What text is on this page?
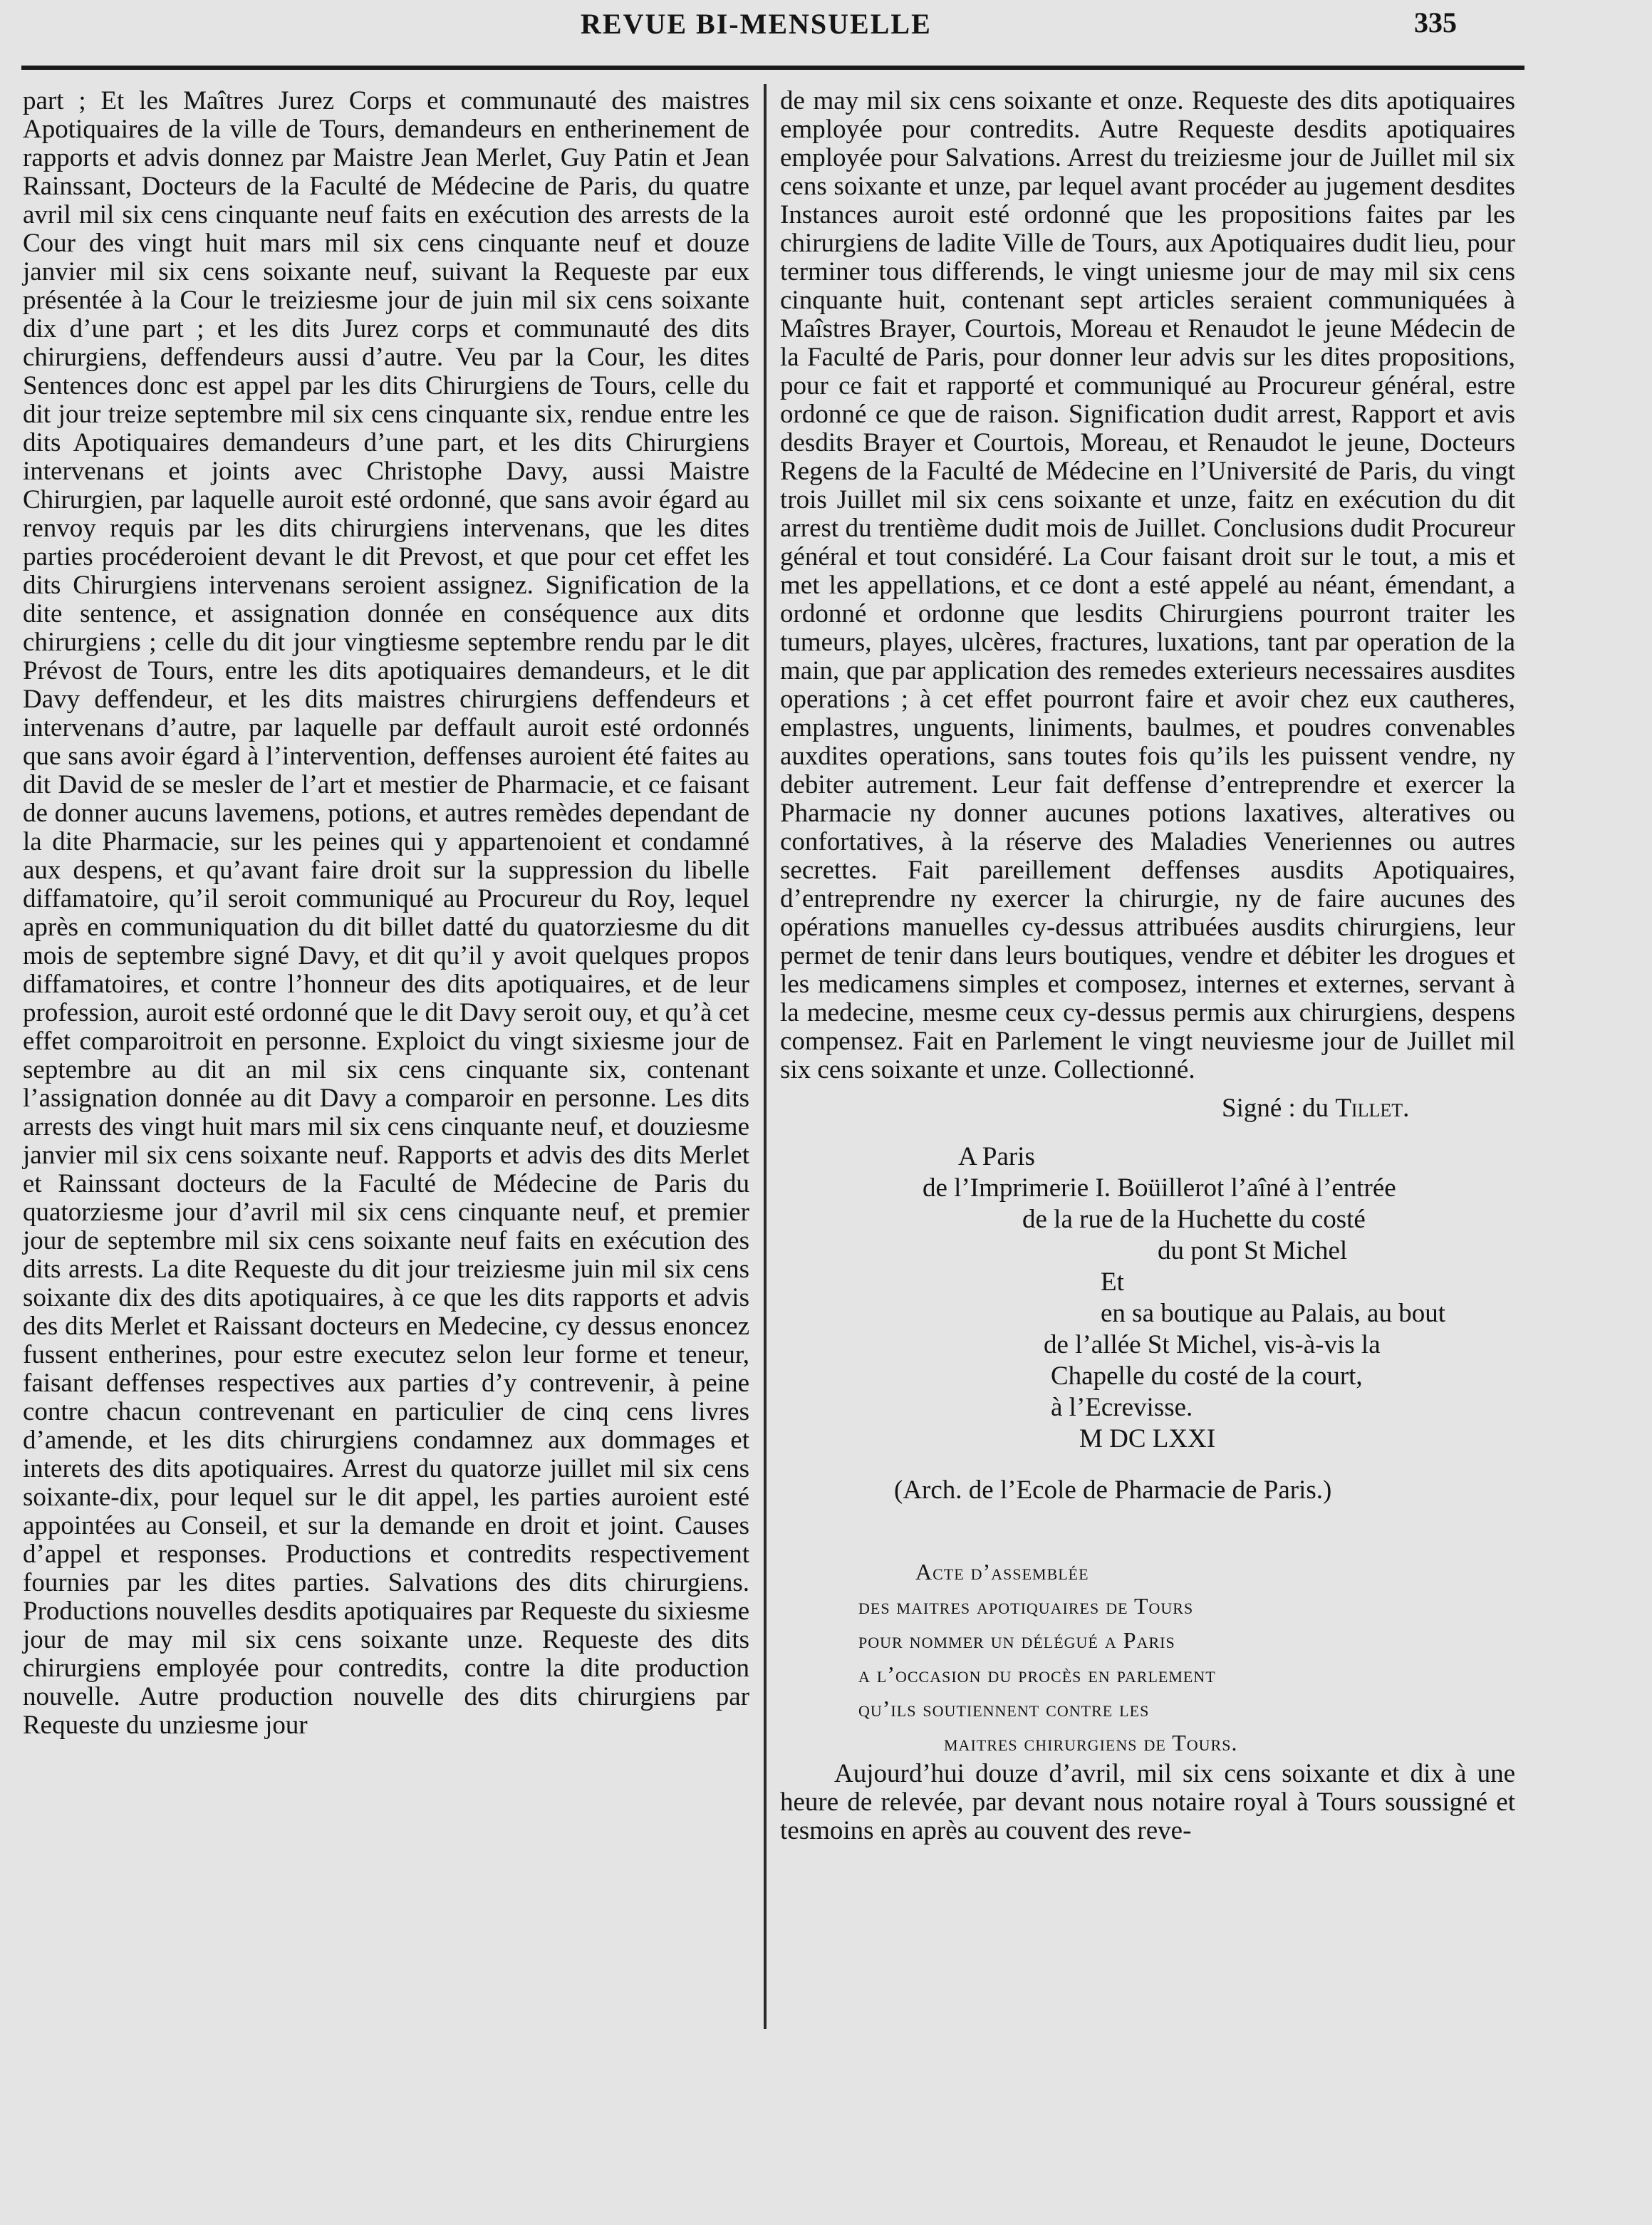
REVUE BI-MENSUELLE	335

part ; Et les Maîtres Jurez Corps et communauté des maistres Apotiquaires de la ville de Tours, demandeurs en entherinement de rapports et advis donnez par Maistre Jean Merlet, Guy Patin et Jean Rainssant, Docteurs de la Faculté de Médecine de Paris, du quatre avril mil six cens cinquante neuf faits en exécution des arrests de la Cour des vingt huit mars mil six cens cinquante neuf et douze janvier mil six cens soixante neuf, suivant la Requeste par eux présentée à la Cour le treiziesme jour de juin mil six cens soixante dix d’une part ; et les dits Jurez corps et communauté des dits chirurgiens, deffendeurs aussi d’autre. Veu par la Cour, les dites Sentences donc est appel par les dits Chirurgiens de Tours, celle du dit jour treize septembre mil six cens cinquante six, rendue entre les dits Apotiquaires demandeurs d’une part, et les dits Chirurgiens intervenans et joints avec Christophe Davy, aussi Maistre Chirurgien, par laquelle auroit esté ordonné, que sans avoir égard au renvoy requis par les dits chirurgiens intervenans, que les dites parties procéderoient devant le dit Prevost, et que pour cet effet les dits Chirurgiens intervenans seroient assignez. Signification de la dite sentence, et assignation donnée en conséquence aux dits chirurgiens ; celle du dit jour vingtiesme septembre rendu par le dit Prévost de Tours, entre les dits apotiquaires demandeurs, et le dit Davy deffendeur, et les dits maistres chirurgiens deffendeurs et intervenans d’autre, par laquelle par deffault auroit esté ordonnés que sans avoir égard à l’intervention, deffenses auroient été faites au dit David de se mesler de l’art et mestier de Pharmacie, et ce faisant de donner aucuns lavemens, potions, et autres remèdes dependant de la dite Pharmacie, sur les peines qui y appartenoient et condamné aux despens, et qu’avant faire droit sur la suppression du libelle diffamatoire, qu’il seroit communiqué au Procureur du Roy, lequel après en communiquation du dit billet datté du quatorziesme du dit mois de septembre signé Davy, et dit qu’il y avoit quelques propos diffamatoires, et contre l’honneur des dits apotiquaires, et de leur profession, auroit esté ordonné que le dit Davy seroit ouy, et qu’à cet effet comparoitroit en personne. Exploict du vingt sixiesme jour de septembre au dit an mil six cens cinquante six, contenant l’assignation donnée au dit Davy a comparoir en personne. Les dits arrests des vingt huit mars mil six cens cinquante neuf, et douziesme janvier mil six cens soixante neuf. Rapports et advis des dits Merlet et Rainssant docteurs de la Faculté de Médecine de Paris du quatorziesme jour d’avril mil six cens cinquante neuf, et premier jour de septembre mil six cens soixante neuf faits en exécution des dits arrests. La dite Requeste du dit jour treiziesme juin mil six cens soixante dix des dits apotiquaires, à ce que les dits rapports et advis des dits Merlet et Raissant docteurs en Medecine, cy dessus enoncez fussent entherines, pour estre executez selon leur forme et teneur, faisant deffenses respectives aux parties d’y contrevenir, à peine contre chacun contrevenant en particulier de cinq cens livres d’amende, et les dits chirurgiens condamnez aux dommages et interets des dits apotiquaires. Arrest du quatorze juillet mil six cens soixante-dix, pour lequel sur le dit appel, les parties auroient esté appointées au Conseil, et sur la demande en droit et joint. Causes d’appel et responses. Productions et contredits respectivement fournies par les dites parties. Salvations des dits chirurgiens. Productions nouvelles desdits apotiquaires par Requeste du sixiesme jour de may mil six cens soixante unze. Requeste des dits chirurgiens employée pour contredits, contre la dite production nouvelle. Autre production nouvelle des dits chirurgiens par Requeste du unziesme jour

de may mil six cens soixante et onze. Requeste des dits apotiquaires employée pour contredits. Autre Requeste desdits apotiquaires employée pour Salvations. Arrest du treiziesme jour de Juillet mil six cens soixante et unze, par lequel avant procéder au jugement desdites Instances auroit esté ordonné que les propositions faites par les chirurgiens de ladite Ville de Tours, aux Apotiquaires dudit lieu, pour terminer tous differends, le vingt uniesme jour de may mil six cens cinquante huit, contenant sept articles seraient communiquées à Maîstres Brayer, Courtois, Moreau et Renaudot le jeune Médecin de la Faculté de Paris, pour donner leur advis sur les dites propositions, pour ce fait et rapporté et communiqué au Procureur général, estre ordonné ce que de raison. Signification dudit arrest, Rapport et avis desdits Brayer et Courtois, Moreau, et Renaudot le jeune, Docteurs Regens de la Faculté de Médecine en l’Université de Paris, du vingt trois Juillet mil six cens soixante et unze, faitz en exécution du dit arrest du trentième dudit mois de Juillet. Conclusions dudit Procureur général et tout considéré. La Cour faisant droit sur le tout, a mis et met les appellations, et ce dont a esté appelé au néant, émendant, a ordonné et ordonne que lesdits Chirurgiens pourront traiter les tumeurs, playes, ulcères, fractures, luxations, tant par operation de la main, que par application des remedes exterieurs necessaires ausdites operations ; à cet effet pourront faire et avoir chez eux cautheres, emplastres, unguents, liniments, baulmes, et poudres convenables auxdites operations, sans toutes fois qu’ils les puissent vendre, ny debiter autrement. Leur fait deffense d’entreprendre et exercer la Pharmacie ny donner aucunes potions laxatives, alteratives ou confortatives, à la réserve des Maladies Veneriennes ou autres secrettes. Fait pareillement deffenses ausdits Apotiquaires, d’entreprendre ny exercer la chirurgie, ny de faire aucunes des opérations manuelles cy-dessus attribuées ausdits chirurgiens, leur permet de tenir dans leurs boutiques, vendre et débiter les drogues et les medicamens simples et composez, internes et externes, servant à la medecine, mesme ceux cy-dessus permis aux chirurgiens, despens compensez. Fait en Parlement le vingt neuviesme jour de Juillet mil six cens soixante et unze. Collectionné.

Signé : du Tillet.
A Paris
de l’Imprimerie I. Boüillerot l’aîné à l’entrée
de la rue de la Huchette du costé
du pont St Michel
Et
en sa boutique au Palais, au bout
de l’allée St Michel, vis-à-vis la
Chapelle du costé de la court,
à l’Ecrevisse.
M DC LXXI
(Arch. de l’Ecole de Pharmacie de Paris.)
Acte d’assemblée
des maitres apotiquaires de Tours
pour nommer un délégué a Paris
a l’occasion du procès en parlement
qu’ils soutiennent contre les
maitres chirurgiens de Tours.

Aujourd’hui douze d’avril, mil six cens soixante et dix à une heure de relevée, par devant nous notaire royal à Tours soussigné et tesmoins en après au couvent des reve-
